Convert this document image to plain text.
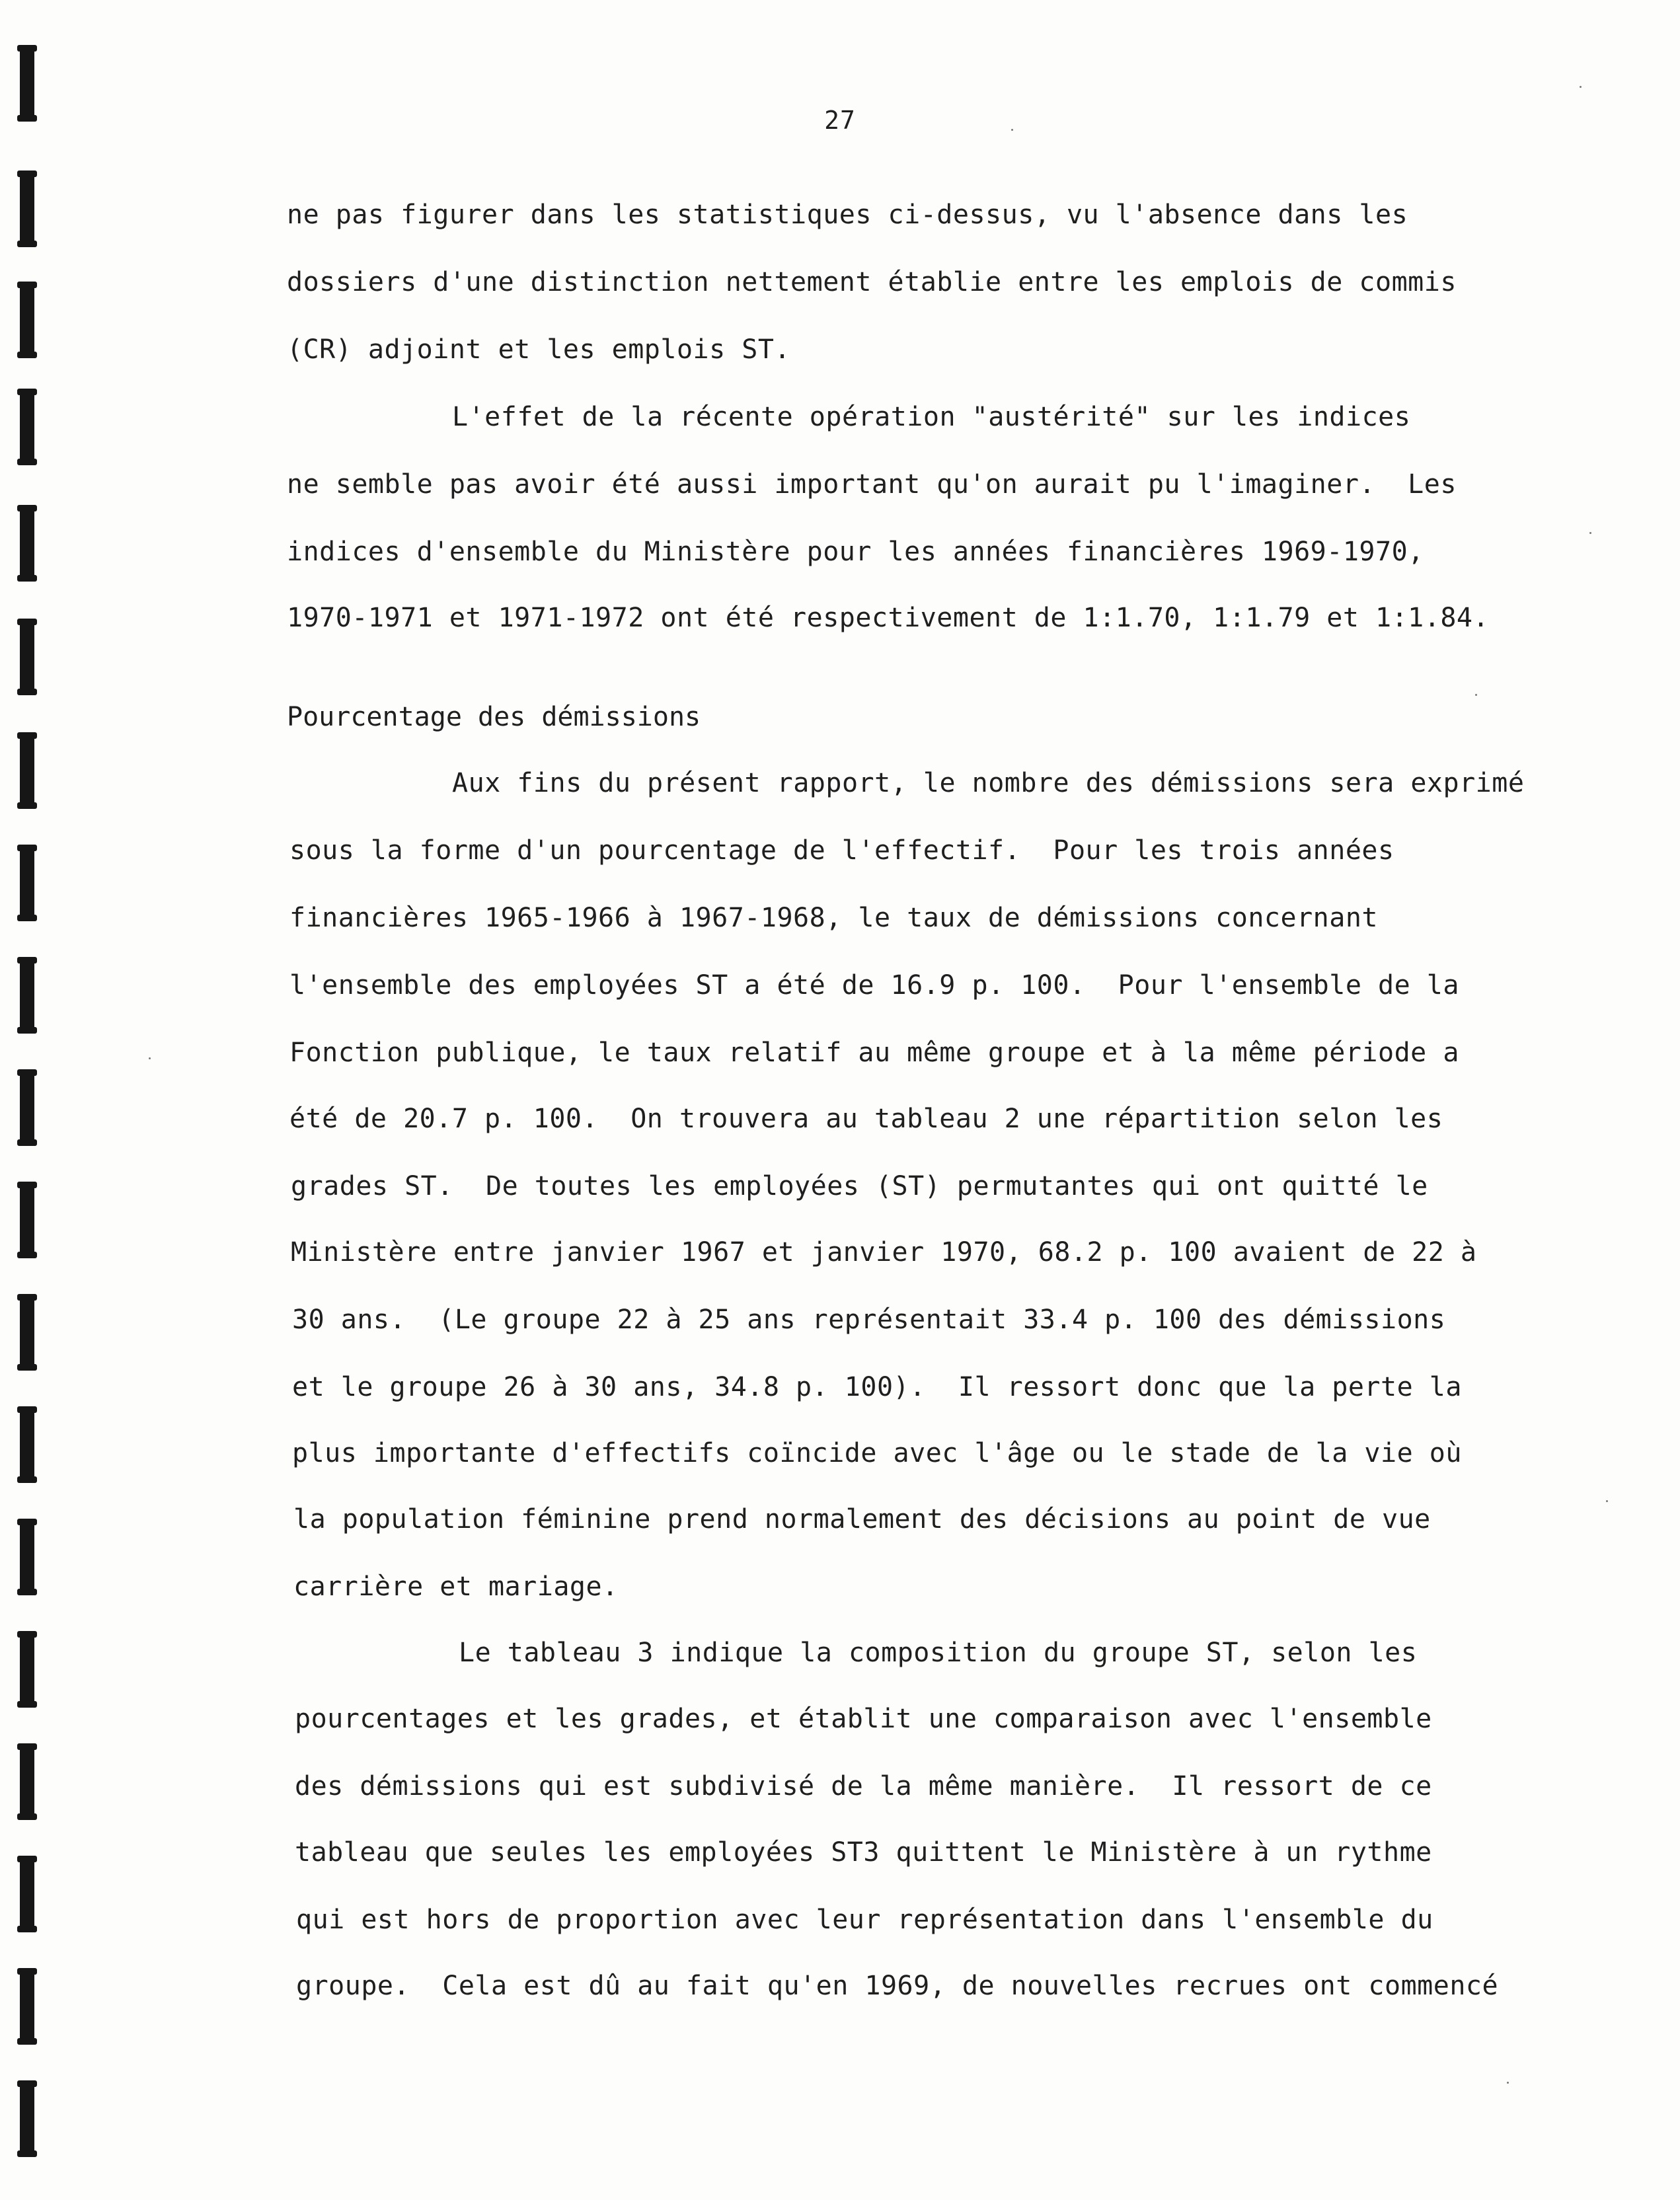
27
ne pas figurer dans les statistiques ci-dessus, vu l'absence dans les
dossiers d'une distinction nettement établie entre les emplois de commis
(CR) adjoint et les emplois ST.
L'effet de la récente opération "austérité" sur les indices
ne semble pas avoir été aussi important qu'on aurait pu l'imaginer.  Les
indices d'ensemble du Ministère pour les années financières 1969-1970,
1970-1971 et 1971-1972 ont été respectivement de 1:1.70, 1:1.79 et 1:1.84.
Pourcentage des démissions
Aux fins du présent rapport, le nombre des démissions sera exprimé
sous la forme d'un pourcentage de l'effectif.  Pour les trois années
financières 1965-1966 à 1967-1968, le taux de démissions concernant
l'ensemble des employées ST a été de 16.9 p. 100.  Pour l'ensemble de la
Fonction publique, le taux relatif au même groupe et à la même période a
été de 20.7 p. 100.  On trouvera au tableau 2 une répartition selon les
grades ST.  De toutes les employées (ST) permutantes qui ont quitté le
Ministère entre janvier 1967 et janvier 1970, 68.2 p. 100 avaient de 22 à
30 ans.  (Le groupe 22 à 25 ans représentait 33.4 p. 100 des démissions
et le groupe 26 à 30 ans, 34.8 p. 100).  Il ressort donc que la perte la
plus importante d'effectifs coïncide avec l'âge ou le stade de la vie où
la population féminine prend normalement des décisions au point de vue
carrière et mariage.
Le tableau 3 indique la composition du groupe ST, selon les
pourcentages et les grades, et établit une comparaison avec l'ensemble
des démissions qui est subdivisé de la même manière.  Il ressort de ce
tableau que seules les employées ST3 quittent le Ministère à un rythme
qui est hors de proportion avec leur représentation dans l'ensemble du
groupe.  Cela est dû au fait qu'en 1969, de nouvelles recrues ont commencé
